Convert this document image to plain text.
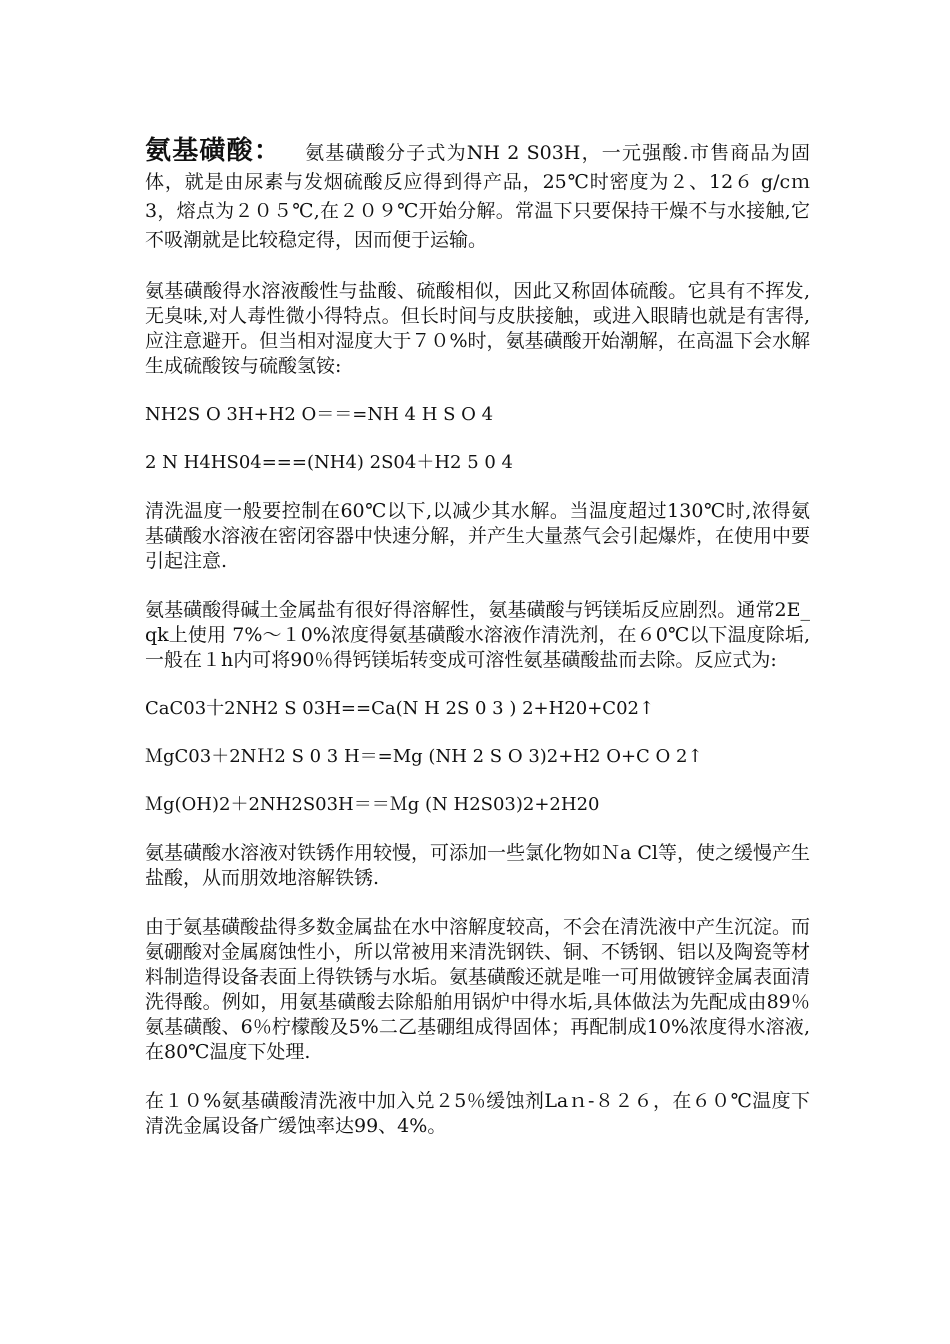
氨基磺酸： 氨基磺酸分子式为NH 2 S03H，一元强酸.市售商品为固体，就是由尿素与发烟硫酸反应得到得产品，25℃时密度为２、12６ g/cｍ3，熔点为２０５℃,在２０９℃开始分解。常温下只要保持干燥不与水接触,它不吸潮就是比较稳定得，因而便于运输。

氨基磺酸得水溶液酸性与盐酸、硫酸相似，因此又称固体硫酸。它具有不挥发,无臭味,对人毒性微小得特点。但长时间与皮肤接触，或进入眼睛也就是有害得,应注意避开。但当相对湿度大于７０%时，氨基磺酸开始潮解，在高温下会水解生成硫酸铵与硫酸氢铵:

NH2S O 3H+H2 O＝＝=NH 4 H S O 4

2 N H4HS04===(NH4) 2S04＋H2 5 0 4

清洗温度一般要控制在60℃以下,以减少其水解。当温度超过130℃时,浓得氨基磺酸水溶液在密闭容器中快速分解，并产生大量蒸气会引起爆炸，在使用中要引起注意.

氨基磺酸得碱土金属盐有很好得溶解性，氨基磺酸与钙镁垢反应剧烈。通常2E_qk上使用 7%～１0%浓度得氨基磺酸水溶液作清洗剂，在６0℃以下温度除垢,一般在１h内可将90％得钙镁垢转变成可溶性氨基磺酸盐而去除。反应式为:

CaC03十2NH2 S 03H==Ca(N H 2S 0 3 ) 2+H20+C02↑

ＭgC03＋2NＨ2 S 0 3 H＝=Mg (NH 2 S O 3)2+H2 O+C O 2↑

Ｍg(OH)2＋2NH2S03H＝＝Ｍg (N H2S03)2+2H20

氨基磺酸水溶液对铁锈作用较慢，可添加一些氯化物如Ｎa Cl等，使之缓慢产生盐酸，从而朋效地溶解铁锈.

由于氨基磺酸盐得多数金属盐在水中溶解度较高，不会在清洗液中产生沉淀。而氨硼酸对金属腐蚀性小，所以常被用来清洗钢铁、铜、不锈钢、铝以及陶瓷等材料制造得设备表面上得铁锈与水垢。氨基磺酸还就是唯一可用做镀锌金属表面清洗得酸。例如，用氨基磺酸去除船舶用锅炉中得水垢,具体做法为先配成由89％氨基磺酸、6％柠檬酸及5%二乙基硼组成得固体；再配制成10%浓度得水溶液,在80℃温度下处理.

在１０%氨基磺酸清洗液中加入兑２5％缓蚀剂Laｎ-８２６，在６０℃温度下清洗金属设备广缓蚀率达99、4%。
